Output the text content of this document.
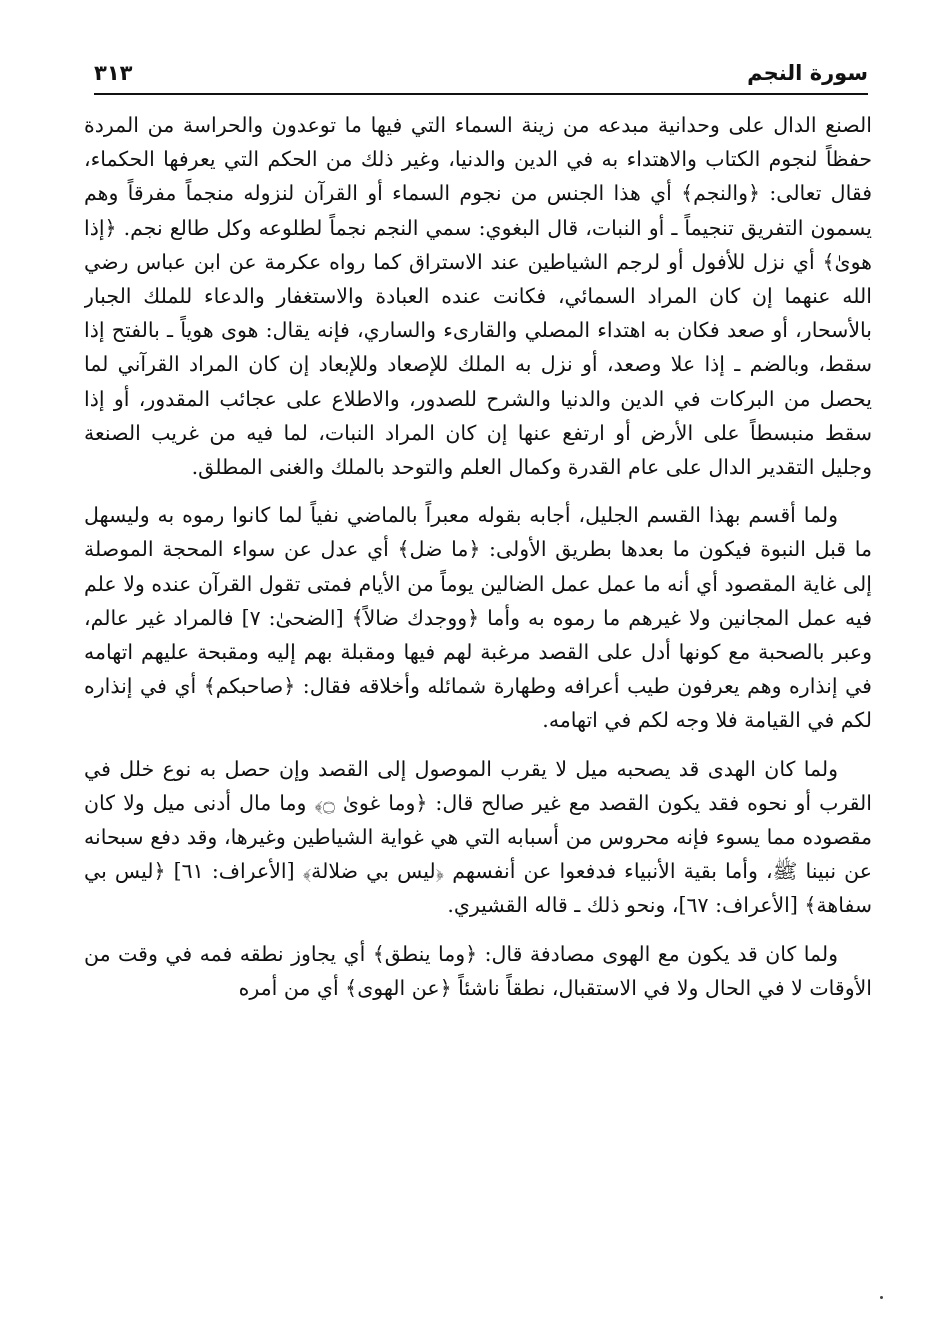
سورة النجم
٣١٣

الصنع الدال على وحدانية مبدعه من زينة السماء التي فيها ما توعدون والحراسة من المردة حفظاً لنجوم الكتاب والاهتداء به في الدين والدنيا، وغير ذلك من الحكم التي يعرفها الحكماء، فقال تعالى: ﴿والنجم﴾ أي هذا الجنس من نجوم السماء أو القرآن لنزوله منجماً مفرقاً وهم يسمون التفريق تنجيماً ـ أو النبات، قال البغوي: سمي النجم نجماً لطلوعه وكل طالع نجم. ﴿إذا هوىٰ﴾ أي نزل للأفول أو لرجم الشياطين عند الاستراق كما رواه عكرمة عن ابن عباس رضي الله عنهما إن كان المراد السمائي، فكانت عنده العبادة والاستغفار والدعاء للملك الجبار بالأسحار، أو صعد فكان به اهتداء المصلي والقارىء والساري، فإنه يقال: هوى هوياً ـ بالفتح إذا سقط، وبالضم ـ إذا علا وصعد، أو نزل به الملك للإصعاد وللإبعاد إن كان المراد القرآني لما يحصل من البركات في الدين والدنيا والشرح للصدور، والاطلاع على عجائب المقدور، أو إذا سقط منبسطاً على الأرض أو ارتفع عنها إن كان المراد النبات، لما فيه من غريب الصنعة وجليل التقدير الدال على عام القدرة وكمال العلم والتوحد بالملك والغنى المطلق.

ولما أقسم بهذا القسم الجليل، أجابه بقوله معبراً بالماضي نفياً لما كانوا رموه به وليسهل ما قبل النبوة فيكون ما بعدها بطريق الأولى: ﴿ما ضل﴾ أي عدل عن سواء المحجة الموصلة إلى غاية المقصود أي أنه ما عمل عمل الضالين يوماً من الأيام فمتى تقول القرآن عنده ولا علم فيه عمل المجانين ولا غيرهم ما رموه به وأما ﴿ووجدك ضالاً﴾ [الضحىٰ: ٧] فالمراد غير عالم، وعبر بالصحبة مع كونها أدل على القصد مرغبة لهم فيها ومقبلة بهم إليه ومقبحة عليهم اتهامه في إنذاره وهم يعرفون طيب أعرافه وطهارة شمائله وأخلاقه فقال: ﴿صاحبكم﴾ أي في إنذاره لكم في القيامة فلا وجه لكم في اتهامه.

ولما كان الهدى قد يصحبه ميل لا يقرب الموصول إلى القصد وإن حصل به نوع خلل في القرب أو نحوه فقد يكون القصد مع غير صالح قال: ﴿وما غوىٰ ۝﴾ وما مال أدنى ميل ولا كان مقصوده مما يسوء فإنه محروس من أسبابه التي هي غواية الشياطين وغيرها، وقد دفع سبحانه عن نبينا ﷺ، وأما بقية الأنبياء فدفعوا عن أنفسهم ﴿ليس بي ضلالة﴾ [الأعراف: ٦١] ﴿ليس بي سفاهة﴾ [الأعراف: ٦٧]، ونحو ذلك ـ قاله القشيري.

ولما كان قد يكون مع الهوى مصادفة قال: ﴿وما ينطق﴾ أي يجاوز نطقه فمه في وقت من الأوقات لا في الحال ولا في الاستقبال، نطقاً ناشئاً ﴿عن الهوى﴾ أي من أمره
